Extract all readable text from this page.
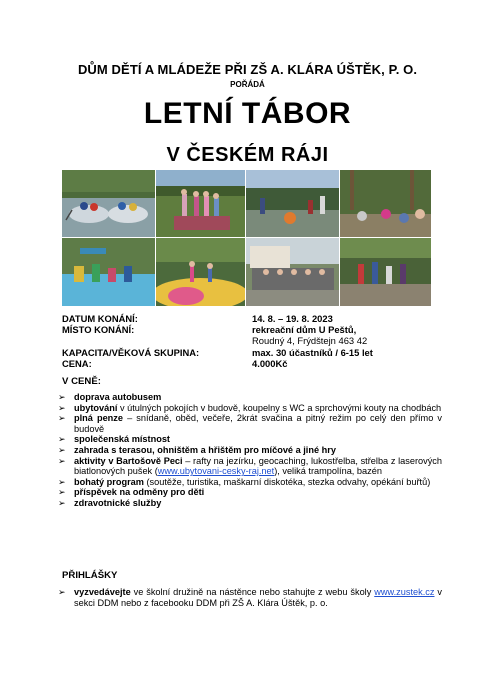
DŮM DĚTÍ A MLÁDEŽE PŘI ZŠ A. KLÁRA ÚŠTĚK, P. O.
POŘÁDÁ
LETNÍ TÁBOR
V ČESKÉM RÁJI
DATUM KONÁNÍ:	14. 8. – 19. 8. 2023
MÍSTO KONÁNÍ:	rekreační dům U Peštů,
Roudný 4, Frýdštejn 463 42
KAPACITA/VĚKOVÁ SKUPINA:	max. 30 účastníků / 6-15 let
CENA:	4.000Kč
V CENĚ:
➢ doprava autobusem
➢ ubytování v útulných pokojích v budově, koupelny s WC a sprchovými kouty na chodbách
➢ plná penze – snídaně, oběd, večeře, 2krát svačina a pitný režim po celý den přímo v budově
➢ společenská místnost
➢ zahrada s terasou, ohništěm a hřištěm pro míčové a jiné hry
➢ aktivity v Bartošově Peci – rafty na jezírku, geocaching, lukostřelba, střelba z laserových biatlonových pušek (www.ubytovani-cesky-raj.net), veliká trampolína, bazén
➢ bohatý program (soutěže, turistika, maškarní diskotéka, stezka odvahy, opékání buřtů)
➢ příspěvek na odměny pro děti
➢ zdravotnické služby
PŘIHLÁŠKY
➢ vyzvedávejte ve školní družině na nástěnce nebo stahujte z webu školy www.zustek.cz v sekci DDM nebo z facebooku DDM při ZŠ A. Klára Úštěk, p. o.
